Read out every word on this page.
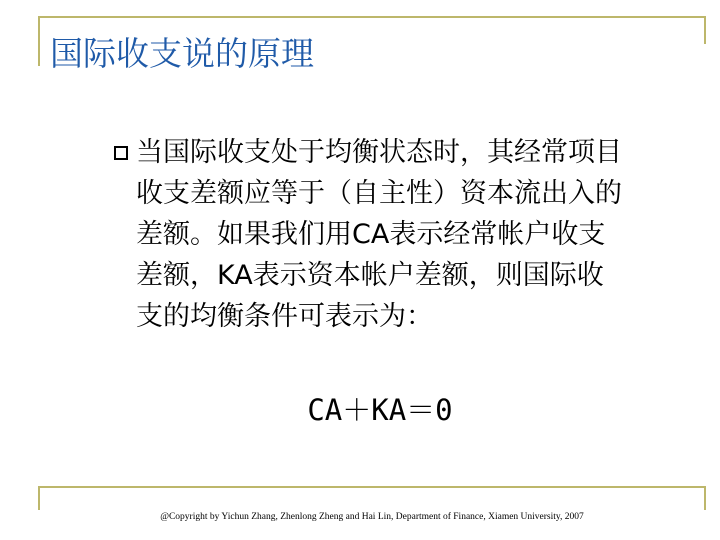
国际收支说的原理

当国际收支处于均衡状态时，其经常项目收支差额应等于（自主性）资本流出入的差额。如果我们用CA表示经常帐户收支差额，KA表示资本帐户差额，则国际收支的均衡条件可表示为：

CA＋KA＝0
@Copyright by Yichun Zhang, Zhenlong Zheng and Hai Lin, Department of Finance, Xiamen University, 2007
